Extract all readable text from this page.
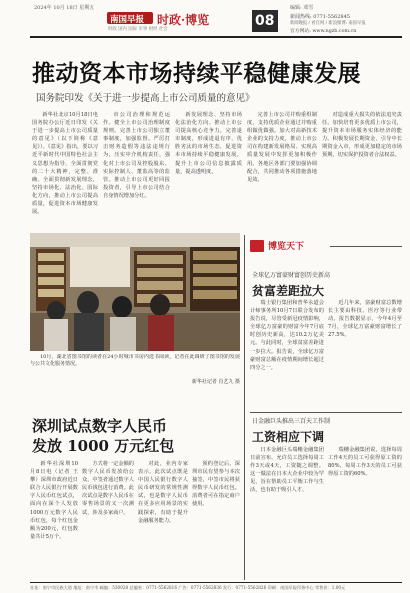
2024年 10月 18日 星期五	编辑: 邓雪
南国早报	时政·博览
时政 国内 国际 军事 财经 社会
08	新闻热线: 0771-5562845
新闻晚报 / 看官网 / 新浪微博: 南国早报
官方网站: www.ngzb.com.cn
推动资本市场持续平稳健康发展
国务院印发《关于进一步提高上市公司质量的意见》

新华社北京10月18日电 国务院办公厅近日印发《关于进一步提高上市公司质量的意见》（以下简称《意见》）。《意见》指出，要以习近平新时代中国特色社会主义思想为指导，全面贯彻党的二十大精神，完整、准确、全面贯彻新发展理念，坚持市场化、法治化、国际化方向，推动上市公司提高质量，促进资本市场健康发展。

市公司治理和规范运作。健全上市公司治理制度规则。完善上市公司独立董事制度，加强监督。严厉打击财务造假等违法违规行为，压实中介机构责任，强化对上市公司及控股股东、实际控制人、董监高等的监管。推动上市公司更好回报投资者，引导上市公司结合自身情况增加分红。

新发展理念、坚持市场化法治化方向。推动上市公司提高核心竞争力，完善退市制度，形成进退有序、优胜劣汰的市场生态，促进资本市场持续平稳健康发展。提升上市公司信息披露质量，提高透明度。

完善上市公司并购重组制度，支持优质企业通过并购重组做优做强。加大对高新技术企业的支持力度，推动上市公司在构建新发展格局、实现高质量发展中发挥更加积极作用。各地区各部门要加强协调配合，共同推动各项措施落地见效。

对造成重大损失的依法追究责任。加快培育更多优质上市公司，提升资本市场服务实体经济的能力。积极发展长期资金，引导中长期资金入市，形成更加稳定的市场预期，切实保护投资者合法权益。

10月，湖北省图书馆的读者在24小时城市书房内选书阅读，记者在此调研了图书馆的发展与公共文化服务情况。

新华社记者 肖艺九 摄
深圳试点数字人民币
发放 1000 万元红包

新华社深圳10月8日电（记者 王攀）深圳市政府近日联合人民银行开展数字人民币红包试点，面向在深个人发放1000万元数字人民币红包，每个红包金额为200元，红包数量共计5万个。

方式将一定金额的数字人民币发放给公众，中签者通过数字人民币钱包进行消费。此次试点是数字人民币在零售场景的又一次测试，涉及多家商户。

对此，业内专家表示，此次试点既是中国人民银行数字人民币研发的常规性测试，也是数字人民币在更多应用场景的实践探索，有助于提升金融服务能力。

预约登记后，深圳市民有望参与本次抽签，中签市民将获得数字人民币红包。消费者可在指定商户使用。

博览天下
全球亿万富豪财富创历史新高
贫富差距拉大

瑞士银行集团和普华永道会计师事务所10月7日联合发布的报告说，尽管受新冠疫情影响，全球亿万富豪的财富今年7月底时创历史新高，达10.2万亿美元。与此同时，全球贫富差距进一步拉大。报告说，全球亿万富豪财富总额在疫情期间增长超过四分之一。

近几年来，富豪财富总数增长主要由科技、医疗等行业带动。报告数据显示，今年4月至7月，全球亿万富豪财富增长了27.5%。

日金融巨头推出三百天工作制
工资相应下调

日本金融巨头瑞穗金融集团日前宣布，允许员工选择每周工作3天或4天，工资随之调整。这一做法在日本大企业中较为罕见，旨在帮助员工平衡工作与生活，也有助于吸引人才。

瑞穗金融集团说，选择每周工作4天的员工可获得原工资的80%，每周工作3天的员工可获得原工资的60%。

社址：南宁市民族大道 地址：南宁市 邮编：530028 总编室：0771-5562816 广告：0771-5562836 发行：0771-5562826 印刷：南国早报印务中心 零售价：1.00元
